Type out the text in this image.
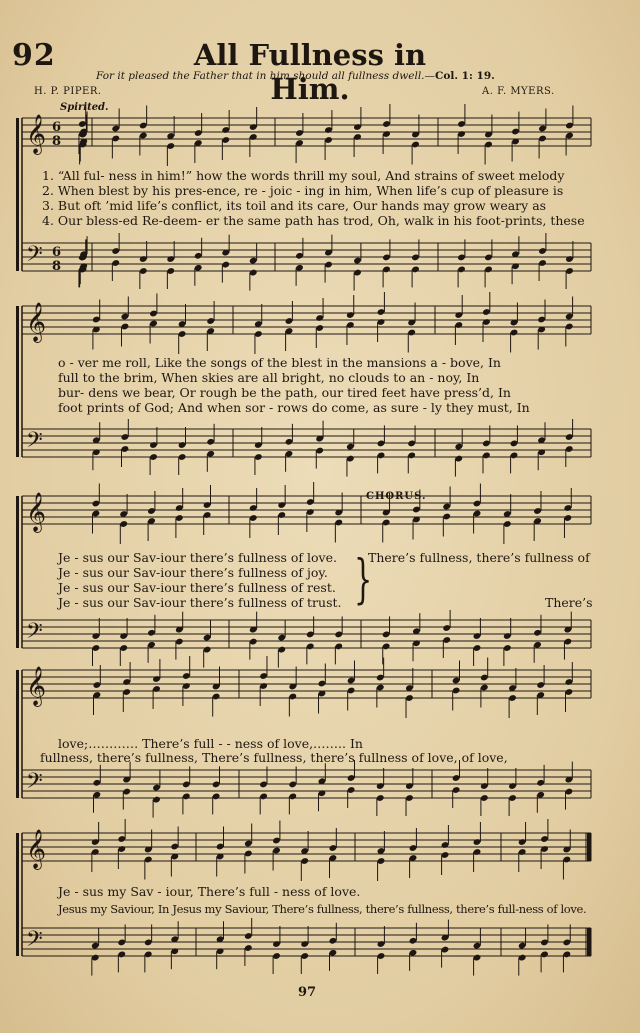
92	All Fullness in Him.
For it pleased the Father that in him should all fullness dwell.—Col. 1: 19.
H. P. PIPER.	A. F. MYERS.
Spirited.
CHORUS.
𝄞
𝄢
6
8
6
8
𝄞
𝄢
𝄞
𝄢
𝄞
𝄢
𝄞
𝄢
1. “All ful- ness in him!” how the words thrill my soul, And strains of sweet melody
2. When blest by his pres-ence, re - joic - ing in him, When life’s cup of pleasure is
3. But oft ’mid life’s conflict, its toil and its care, Our hands may grow weary as
4. Our bless-ed Re-deem- er the same path has trod, Oh, walk in his foot-prints, these
o - ver me roll, Like the songs of the blest in the mansions a - bove, In
full to the brim, When skies are all bright, no clouds to an - noy, In
bur- dens we bear, Or rough be the path, our tired feet have press’d, In
foot prints of God; And when sor - rows do come, as sure - ly they must, In
Je - sus our Sav-iour there’s fullness of love.
Je - sus our Sav-iour there’s fullness of joy.
Je - sus our Sav-iour there’s fullness of rest.
Je - sus our Sav-iour there’s fullness of trust. }
There’s fullness, there’s fullness of
There’s
love;………… There’s full - - ness of love,…….. In
fullness, there’s fullness, There’s fullness, there’s fullness of love, of love,
Je - sus my Sav - iour, There’s full - ness of love.
Jesus my Saviour, In Jesus my Saviour, There’s fullness, there’s fullness, there’s full-ness of love.
97
